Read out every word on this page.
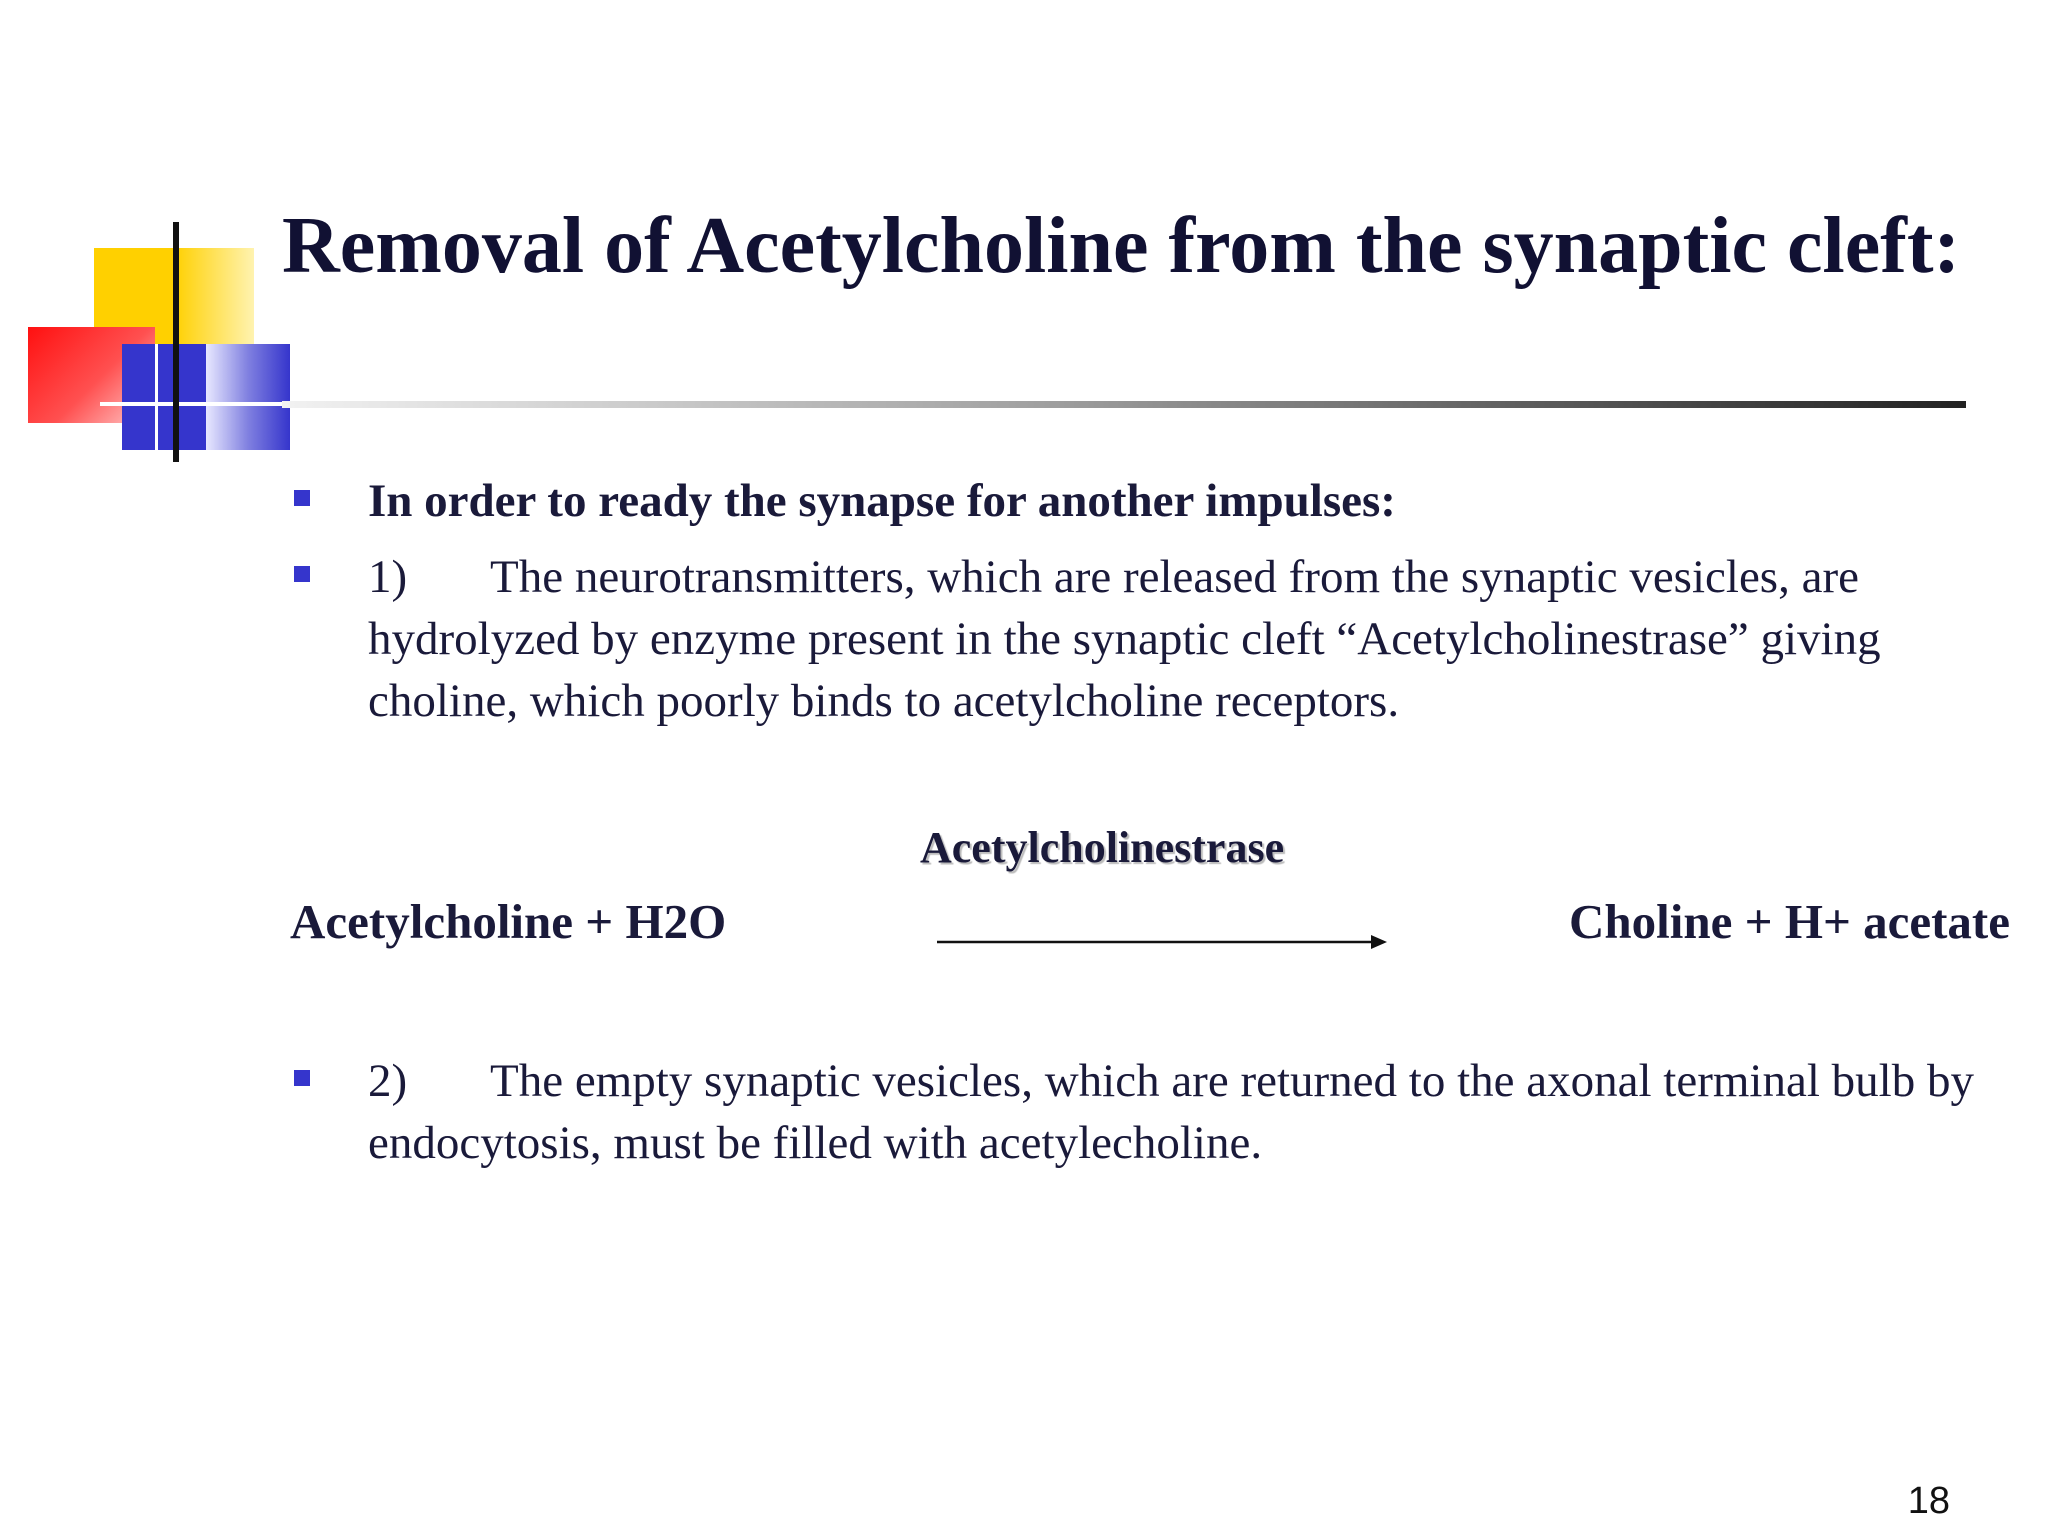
Removal of Acetylcholine from the synaptic cleft:
In order to ready the synapse for another impulses:
1) The neurotransmitters, which are released from the synaptic vesicles, are hydrolyzed by enzyme present in the synaptic cleft “Acetylcholinestrase” giving choline, which poorly binds to acetylcholine receptors.
Acetylcholinestrase
Acetylcholine + H2O	Choline + H+ acetate
2) The empty synaptic vesicles, which are returned to the axonal terminal bulb by endocytosis, must be filled with acetylecholine.
18
